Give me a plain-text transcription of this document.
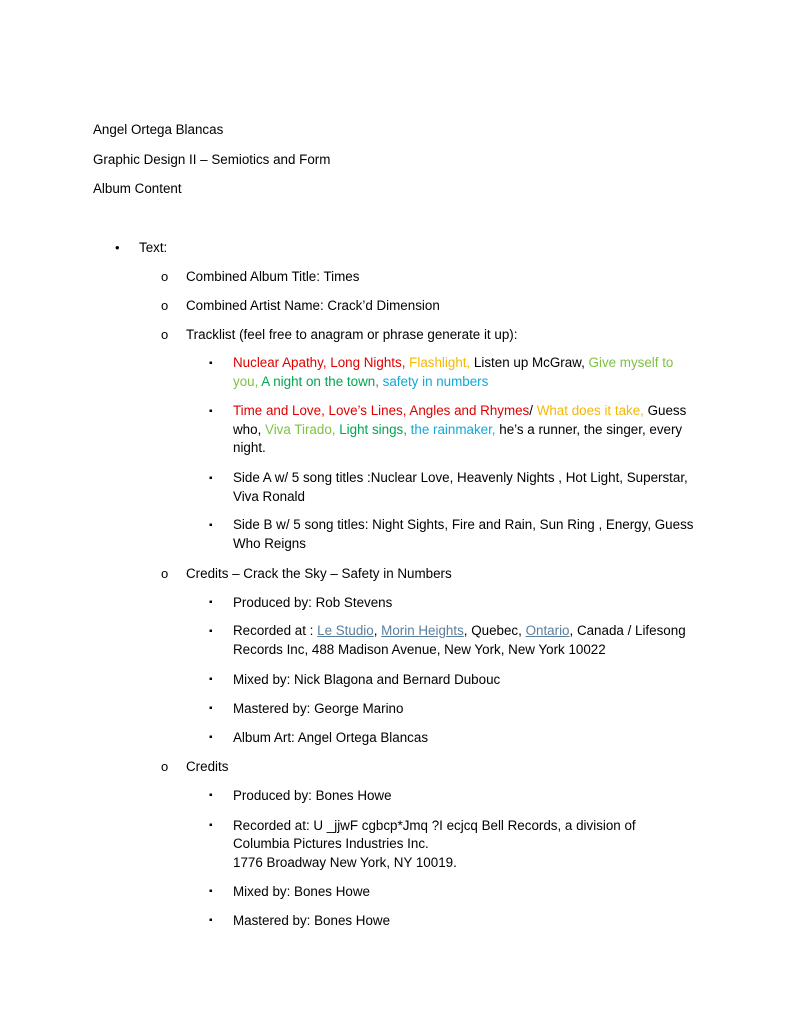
Angel Ortega Blancas
Graphic Design II – Semiotics and Form
Album Content
• Text:
o Combined Album Title: Times
o Combined Artist Name: Crack’d Dimension
o Tracklist (feel free to anagram or phrase generate it up):
▪ Nuclear Apathy, Long Nights, Flashlight, Listen up McGraw, Give myself to you, A night on the town, safety in numbers
▪ Time and Love, Love’s Lines, Angles and Rhymes/ What does it take, Guess who, Viva Tirado, Light sings, the rainmaker, he’s a runner, the singer, every night.
▪ Side A w/ 5 song titles :Nuclear Love, Heavenly Nights , Hot Light, Superstar, Viva Ronald
▪ Side B w/ 5 song titles: Night Sights, Fire and Rain, Sun Ring , Energy, Guess Who Reigns
o Credits – Crack the Sky – Safety in Numbers
▪ Produced by: Rob Stevens
▪ Recorded at : Le Studio, Morin Heights, Quebec, Ontario, Canada / Lifesong Records Inc, 488 Madison Avenue, New York, New York 10022
▪ Mixed by: Nick Blagona and Bernard Dubouc
▪ Mastered by: George Marino
▪ Album Art: Angel Ortega Blancas
o Credits
▪ Produced by: Bones Howe
▪ Recorded at: U _jjwF cgbcp*Jmq ?I ecjcq Bell Records, a division of
Columbia Pictures Industries Inc.
1776 Broadway New York, NY 10019.
▪ Mixed by: Bones Howe
▪ Mastered by: Bones Howe
